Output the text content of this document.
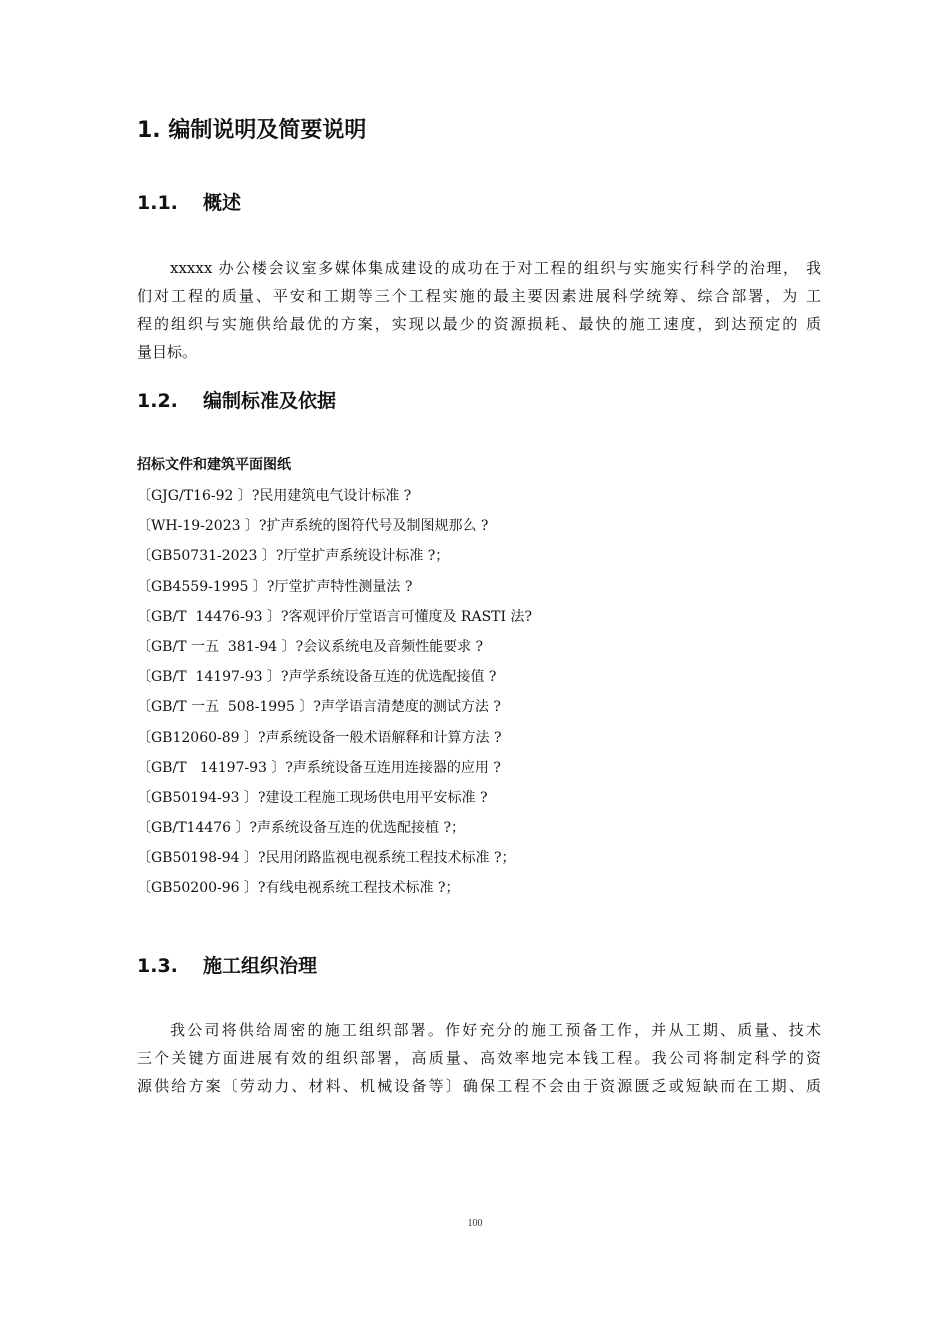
1. 编制说明及简要说明
1.1. 概述
xxxxx 办公楼会议室多媒体集成建设的成功在于对工程的组织与实施实行科学的治理， 我
们对工程的质量、平安和工期等三个工程实施的最主要因素进展科学统筹、综合部署，为 工
程的组织与实施供给最优的方案，实现以最少的资源损耗、最快的施工速度，到达预定的 质
量目标。
1.2. 编制标准及依据
招标文件和建筑平面图纸
〔GJG/T16-92 〕?民用建筑电气设计标准 ?
〔WH-19-2023 〕?扩声系统的图符代号及制图规那么 ?
〔GB50731-2023 〕?厅堂扩声系统设计标准 ?；
〔GB4559-1995 〕?厅堂扩声特性测量法 ?
〔GB/T  14476-93 〕?客观评价厅堂语言可懂度及 RASTI 法?
〔GB/T 一五  381-94 〕?会议系统电及音频性能要求 ?
〔GB/T  14197-93 〕?声学系统设备互连的优选配接值 ?
〔GB/T 一五  508-1995 〕?声学语言清楚度的测试方法 ?
〔GB12060-89 〕?声系统设备一般术语解释和计算方法 ?
〔GB/T   14197-93 〕?声系统设备互连用连接器的应用 ?
〔GB50194-93 〕?建设工程施工现场供电用平安标准 ?
〔GB/T14476 〕?声系统设备互连的优选配接植 ?；
〔GB50198-94 〕?民用闭路监视电视系统工程技术标准 ?；
〔GB50200-96 〕?有线电视系统工程技术标准 ?；
1.3. 施工组织治理
我公司将供给周密的施工组织部署。作好充分的施工预备工作，并从工期、质量、技术
三个关键方面进展有效的组织部署，高质量、高效率地完本钱工程。我公司将制定科学的资
源供给方案〔劳动力、材料、机械设备等〕确保工程不会由于资源匮乏或短缺而在工期、质
100
